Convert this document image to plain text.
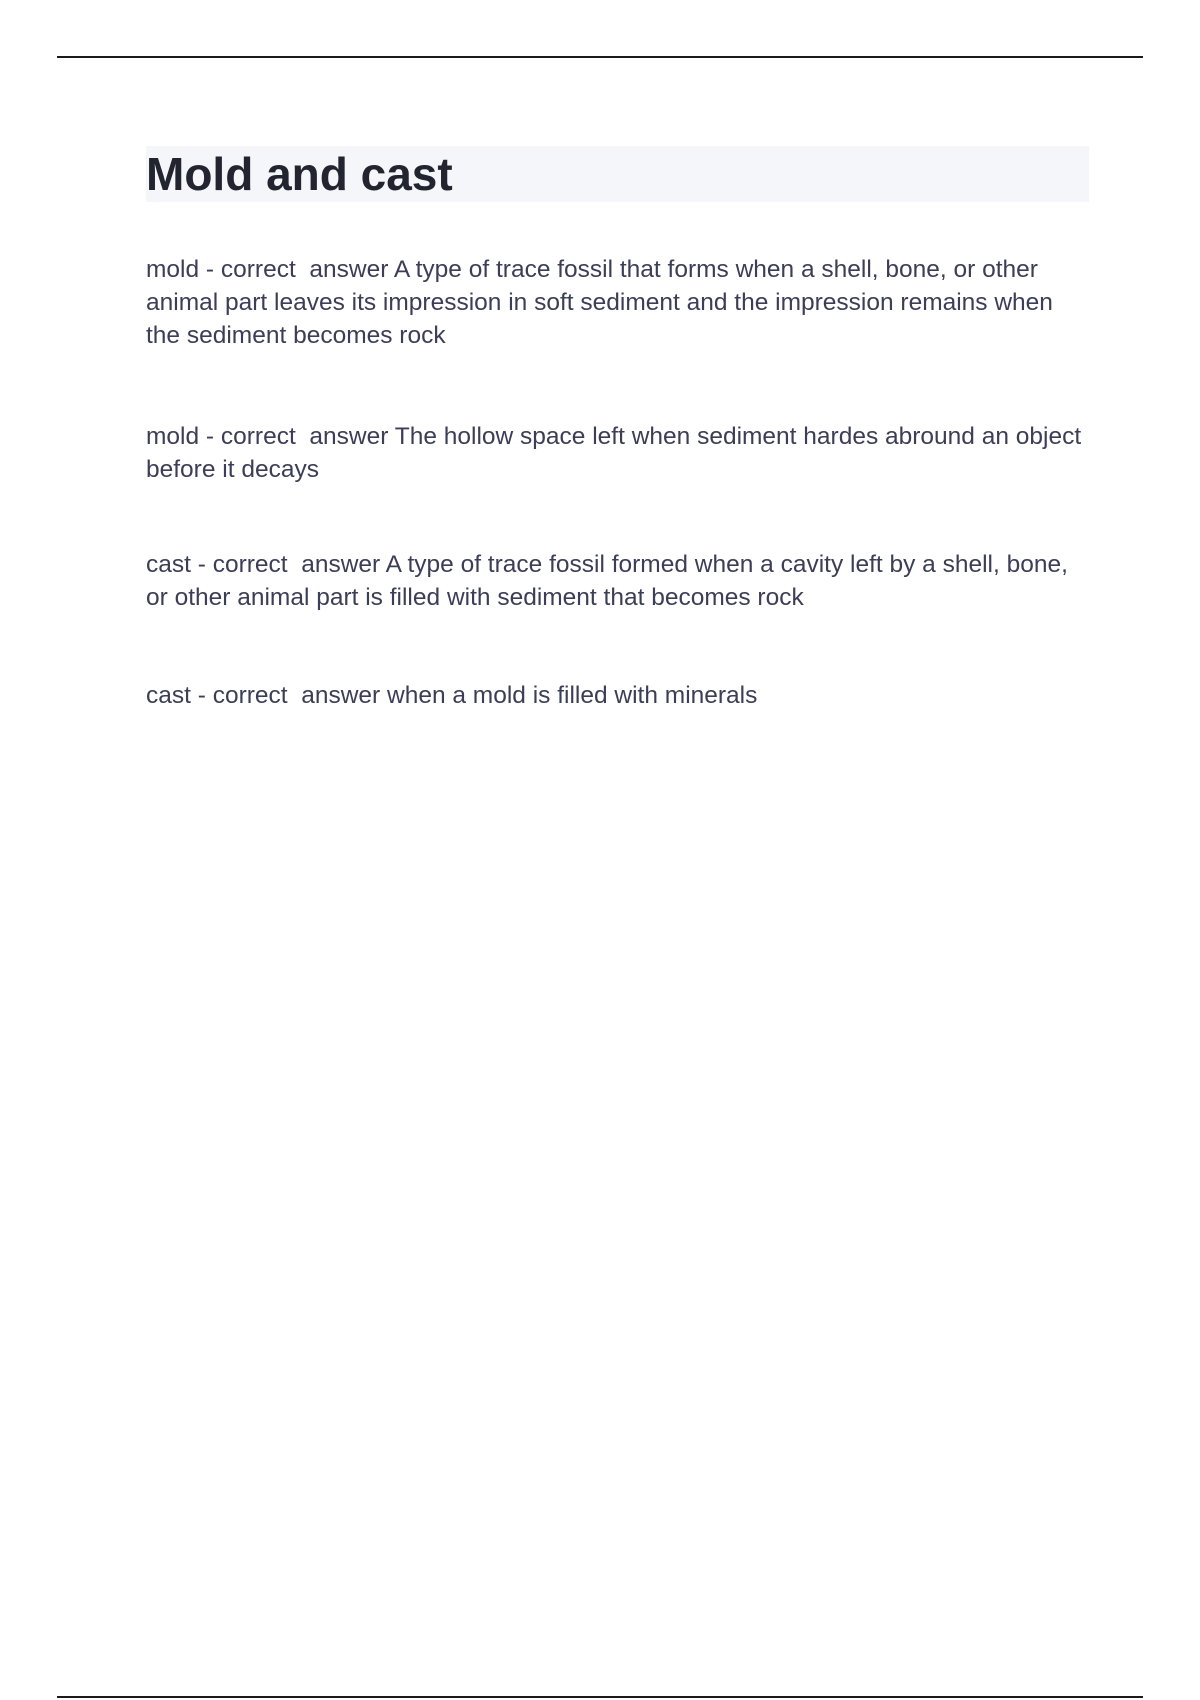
Mold and cast
mold - correct  answer A type of trace fossil that forms when a shell, bone, or other animal part leaves its impression in soft sediment and the impression remains when the sediment becomes rock
mold - correct  answer The hollow space left when sediment hardes abround an object before it decays
cast - correct  answer A type of trace fossil formed when a cavity left by a shell, bone, or other animal part is filled with sediment that becomes rock
cast - correct  answer when a mold is filled with minerals
